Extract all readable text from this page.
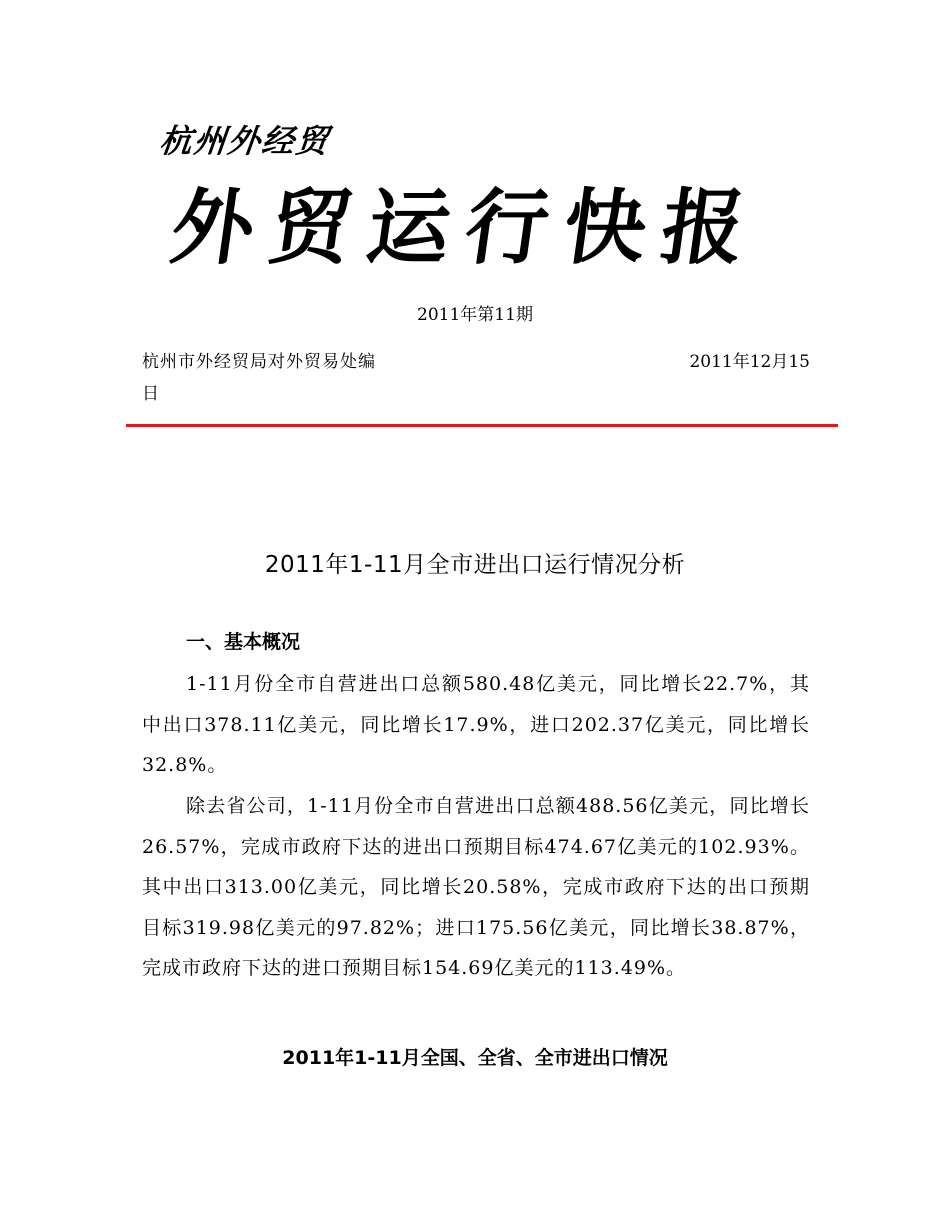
杭州外经贸
外贸运行快报
2011年第11期
杭州市外经贸局对外贸易处编	2011年12月15
日
2011年1-11月全市进出口运行情况分析
一、基本概况
1-11月份全市自营进出口总额580.48亿美元，同比增长22.7%，其中出口378.11亿美元，同比增长17.9%，进口202.37亿美元，同比增长32.8%。
除去省公司，1-11月份全市自营进出口总额488.56亿美元，同比增长26.57%，完成市政府下达的进出口预期目标474.67亿美元的102.93%。其中出口313.00亿美元，同比增长20.58%，完成市政府下达的出口预期目标319.98亿美元的97.82%；进口175.56亿美元，同比增长38.87%，完成市政府下达的进口预期目标154.69亿美元的113.49%。
2011年1-11月全国、全省、全市进出口情况
